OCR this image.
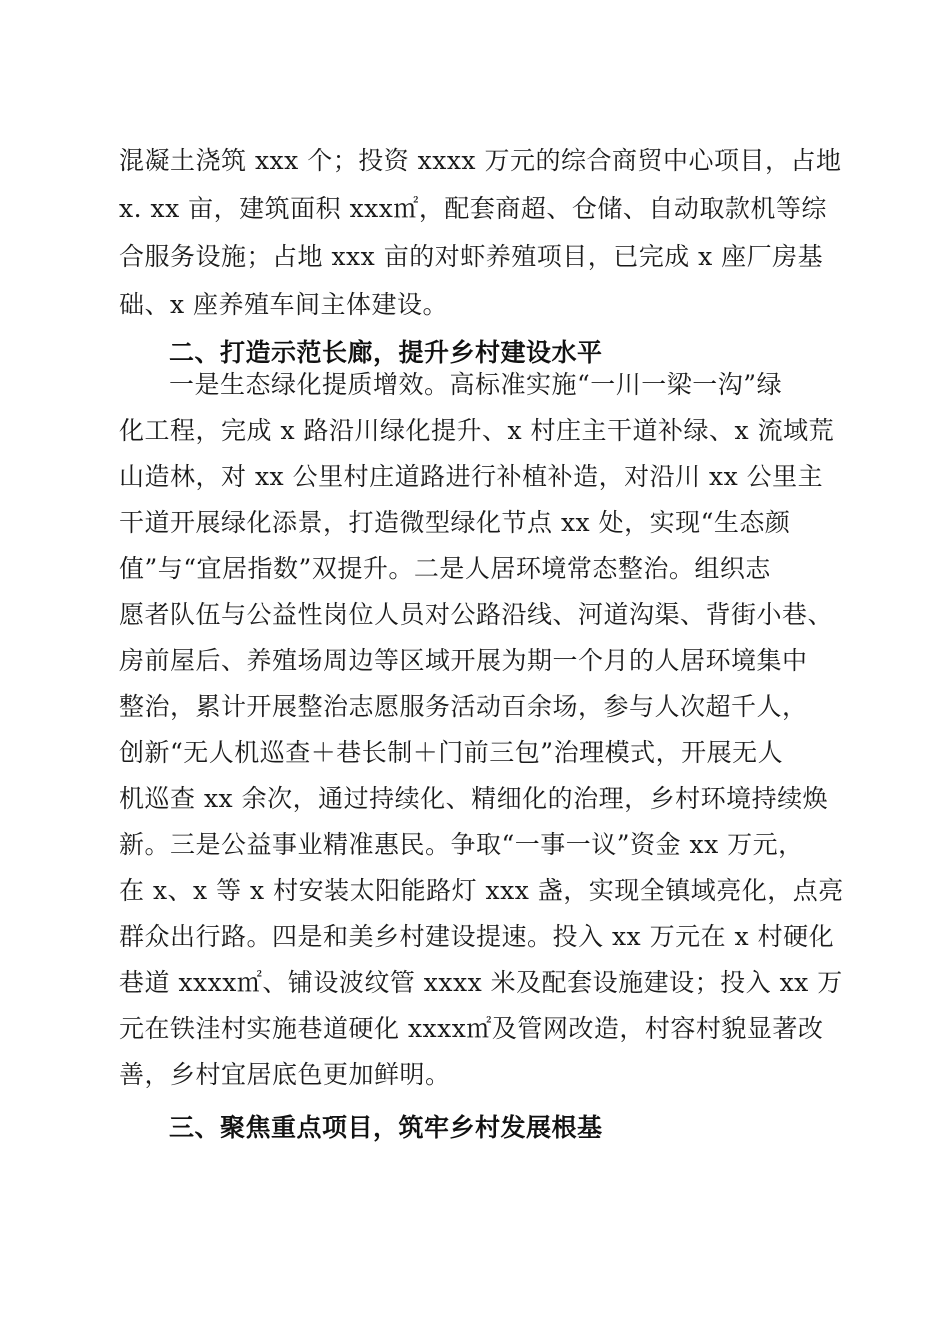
混凝土浇筑 xxx 个；投资 xxxx 万元的综合商贸中心项目，占地
x. xx 亩，建筑面积 xxx㎡，配套商超、仓储、自动取款机等综
合服务设施；占地 xxx 亩的对虾养殖项目，已完成 x 座厂房基
础、x 座养殖车间主体建设。
二、打造示范长廊，提升乡村建设水平
一是生态绿化提质增效。高标准实施“一川一梁一沟”绿
化工程，完成 x 路沿川绿化提升、x 村庄主干道补绿、x 流域荒
山造林，对 xx 公里村庄道路进行补植补造，对沿川 xx 公里主
干道开展绿化添景，打造微型绿化节点 xx 处，实现“生态颜
值”与“宜居指数”双提升。二是人居环境常态整治。组织志
愿者队伍与公益性岗位人员对公路沿线、河道沟渠、背街小巷、
房前屋后、养殖场周边等区域开展为期一个月的人居环境集中
整治，累计开展整治志愿服务活动百余场，参与人次超千人，
创新“无人机巡查＋巷长制＋门前三包”治理模式，开展无人
机巡查 xx 余次，通过持续化、精细化的治理，乡村环境持续焕
新。三是公益事业精准惠民。争取“一事一议”资金 xx 万元，
在 x、x 等 x 村安装太阳能路灯 xxx 盏，实现全镇域亮化，点亮
群众出行路。四是和美乡村建设提速。投入 xx 万元在 x 村硬化
巷道 xxxx㎡、铺设波纹管 xxxx 米及配套设施建设；投入 xx 万
元在铁洼村实施巷道硬化 xxxx㎡及管网改造，村容村貌显著改
善，乡村宜居底色更加鲜明。
三、聚焦重点项目，筑牢乡村发展根基
